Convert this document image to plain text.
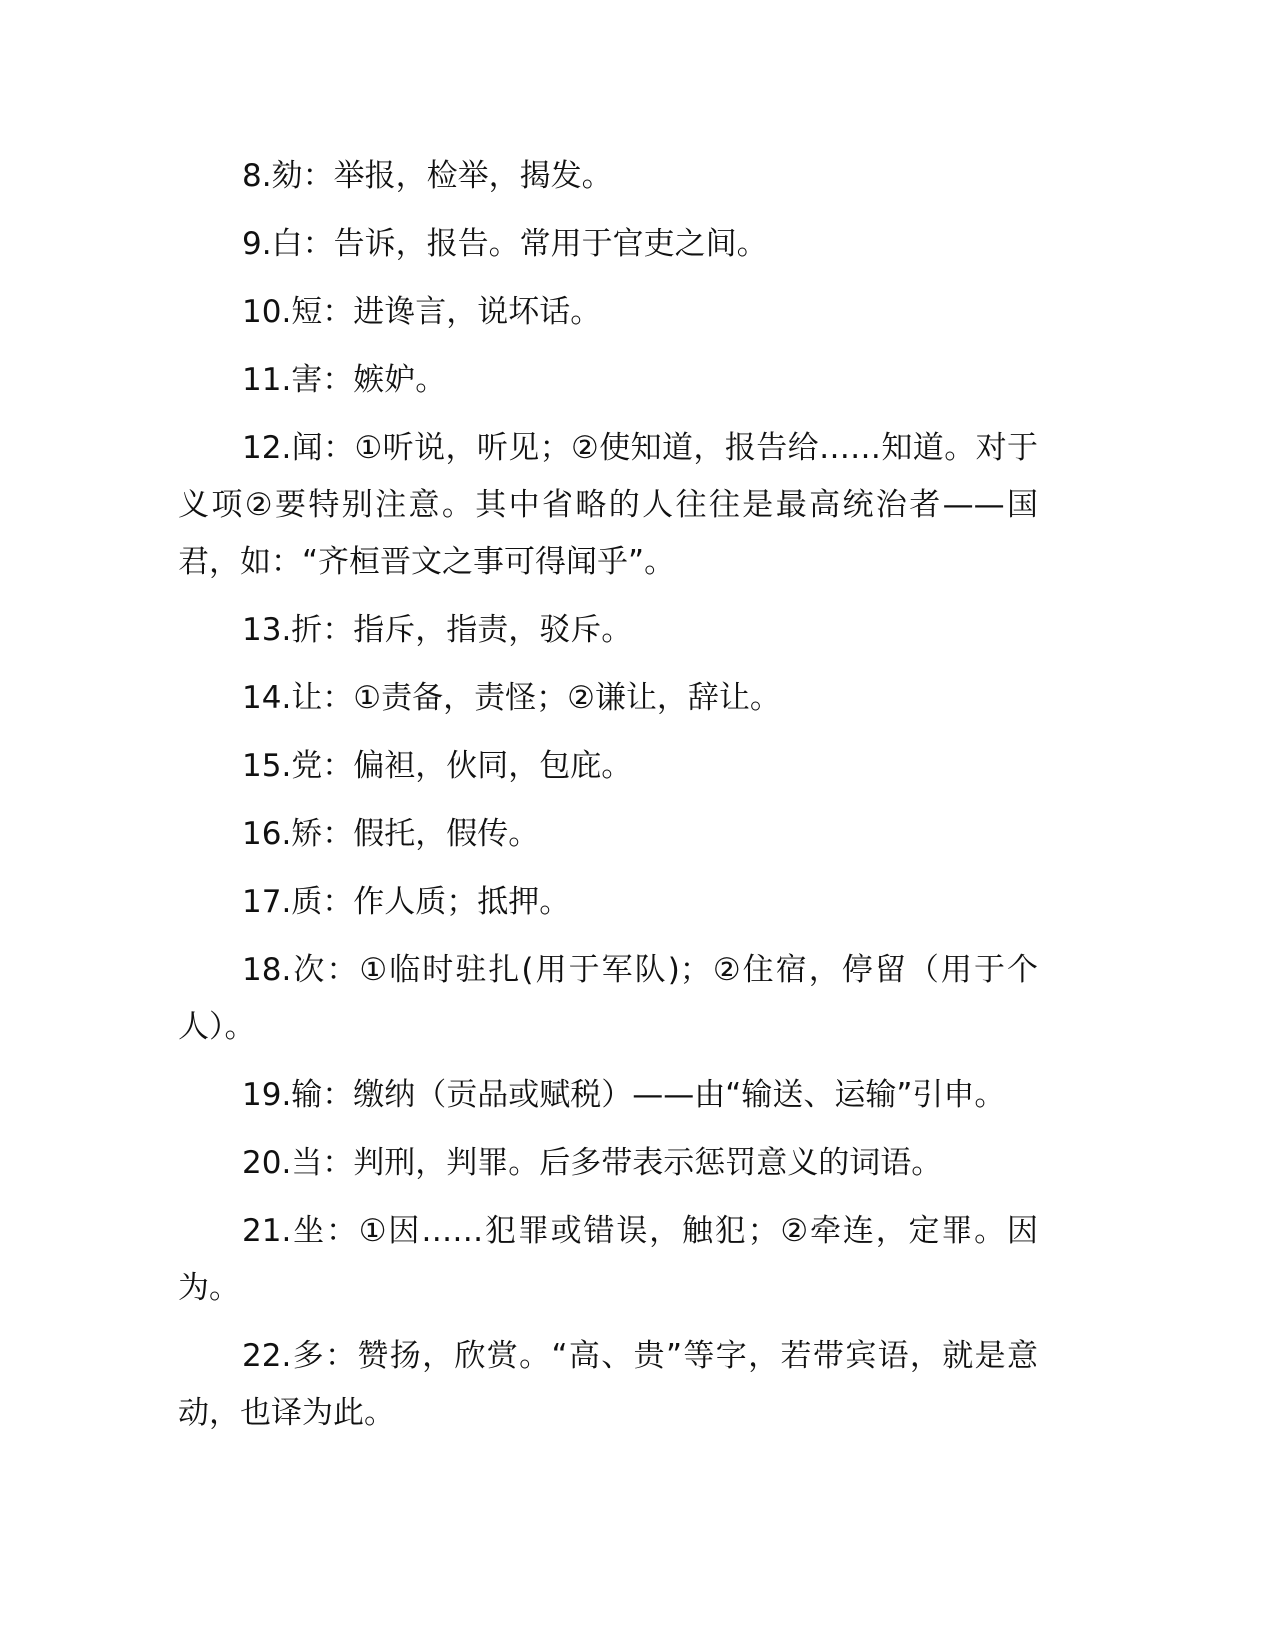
8.劾：举报，检举，揭发。

9.白：告诉，报告。常用于官吏之间。

10.短：进谗言，说坏话。

11.害：嫉妒。

12.闻：①听说，听见；②使知道，报告给……知道。对于义项②要特别注意。其中省略的人往往是最高统治者——国君，如：“齐桓晋文之事可得闻乎”。

13.折：指斥，指责，驳斥。

14.让：①责备，责怪；②谦让，辞让。

15.党：偏袒，伙同，包庇。

16.矫：假托，假传。

17.质：作人质；抵押。

18.次：①临时驻扎(用于军队)；②住宿，停留（用于个人）。

19.输：缴纳（贡品或赋税）——由“输送、运输”引申。

20.当：判刑，判罪。后多带表示惩罚意义的词语。

21.坐：①因……犯罪或错误，触犯；②牵连，定罪。因为。

22.多：赞扬，欣赏。“高、贵”等字，若带宾语，就是意动，也译为此。
